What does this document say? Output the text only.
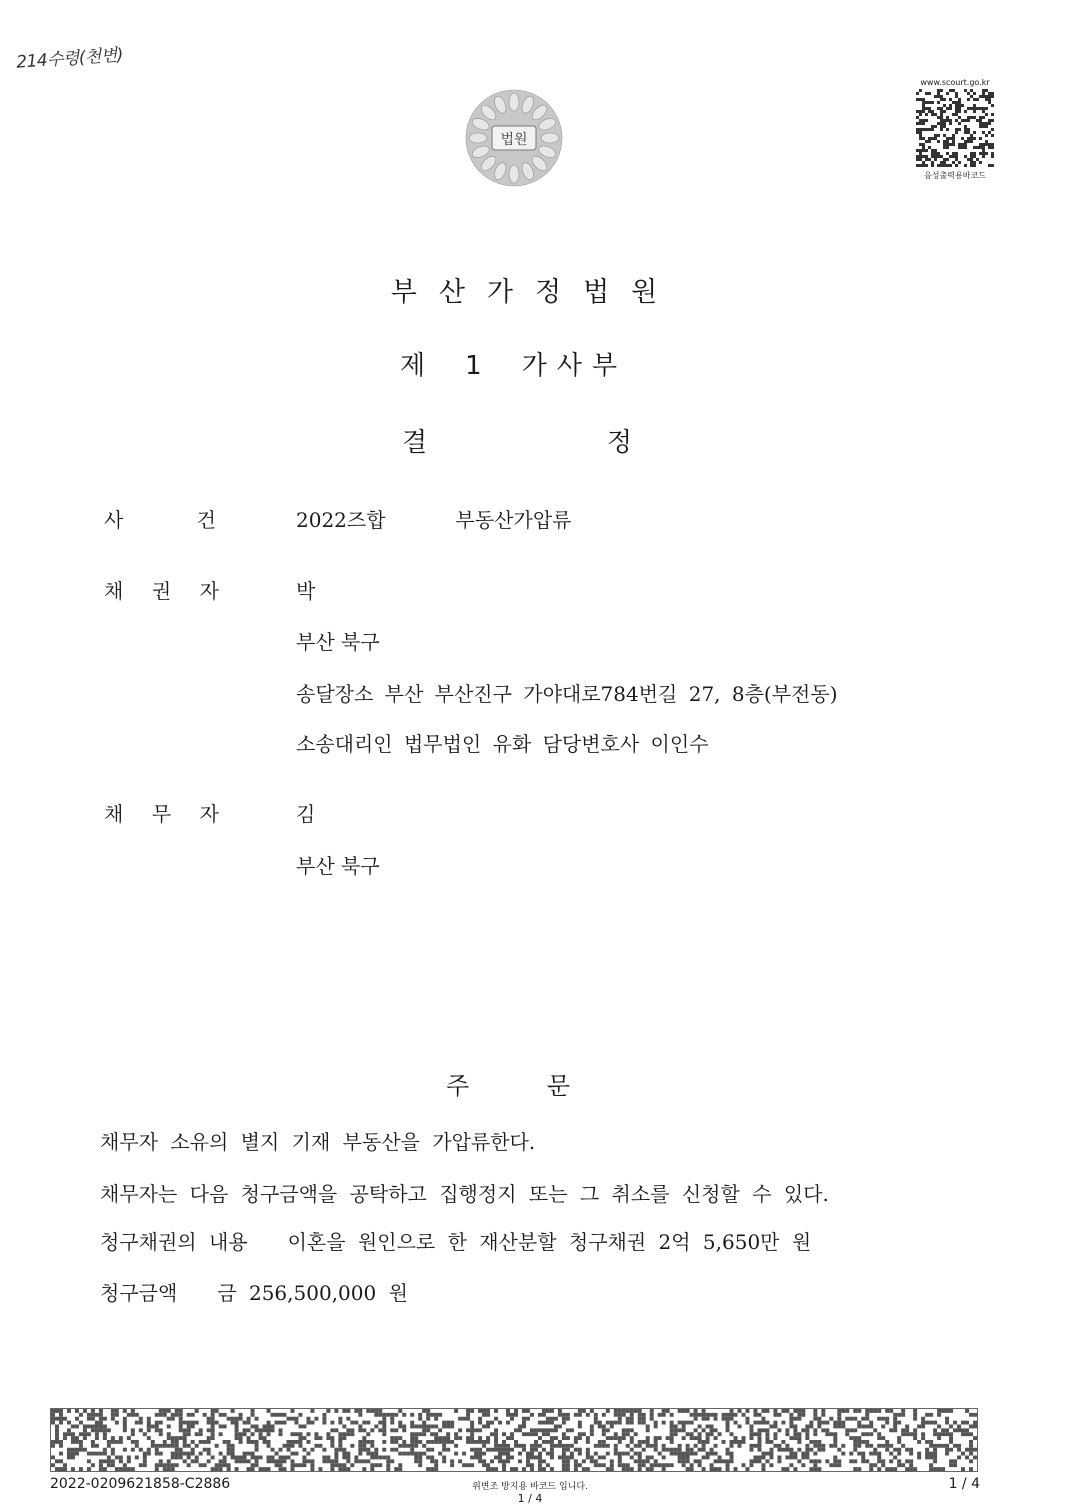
214수령(천변)
법원
www.scourt.go.kr
음성출력용바코드
부산가정법원
제 1 가사부
결	정
사	건	2022즈합	부동산가압류
채 권 자	박
부산 북구
송달장소 부산 부산진구 가야대로784번길 27, 8층(부전동)
소송대리인 법무법인 유화 담당변호사 이인수
채 무 자	김
부산 북구
주	문
채무자 소유의 별지 기재 부동산을 가압류한다.
채무자는 다음 청구금액을 공탁하고 집행정지 또는 그 취소를 신청할 수 있다.
청구채권의 내용 이혼을 원인으로 한 재산분할 청구채권 2억 5,650만 원
청구금액 금 256,500,000 원
2022-0209621858-C2886	위변조 방지용 바코드 입니다.
1 / 4
1 / 4
